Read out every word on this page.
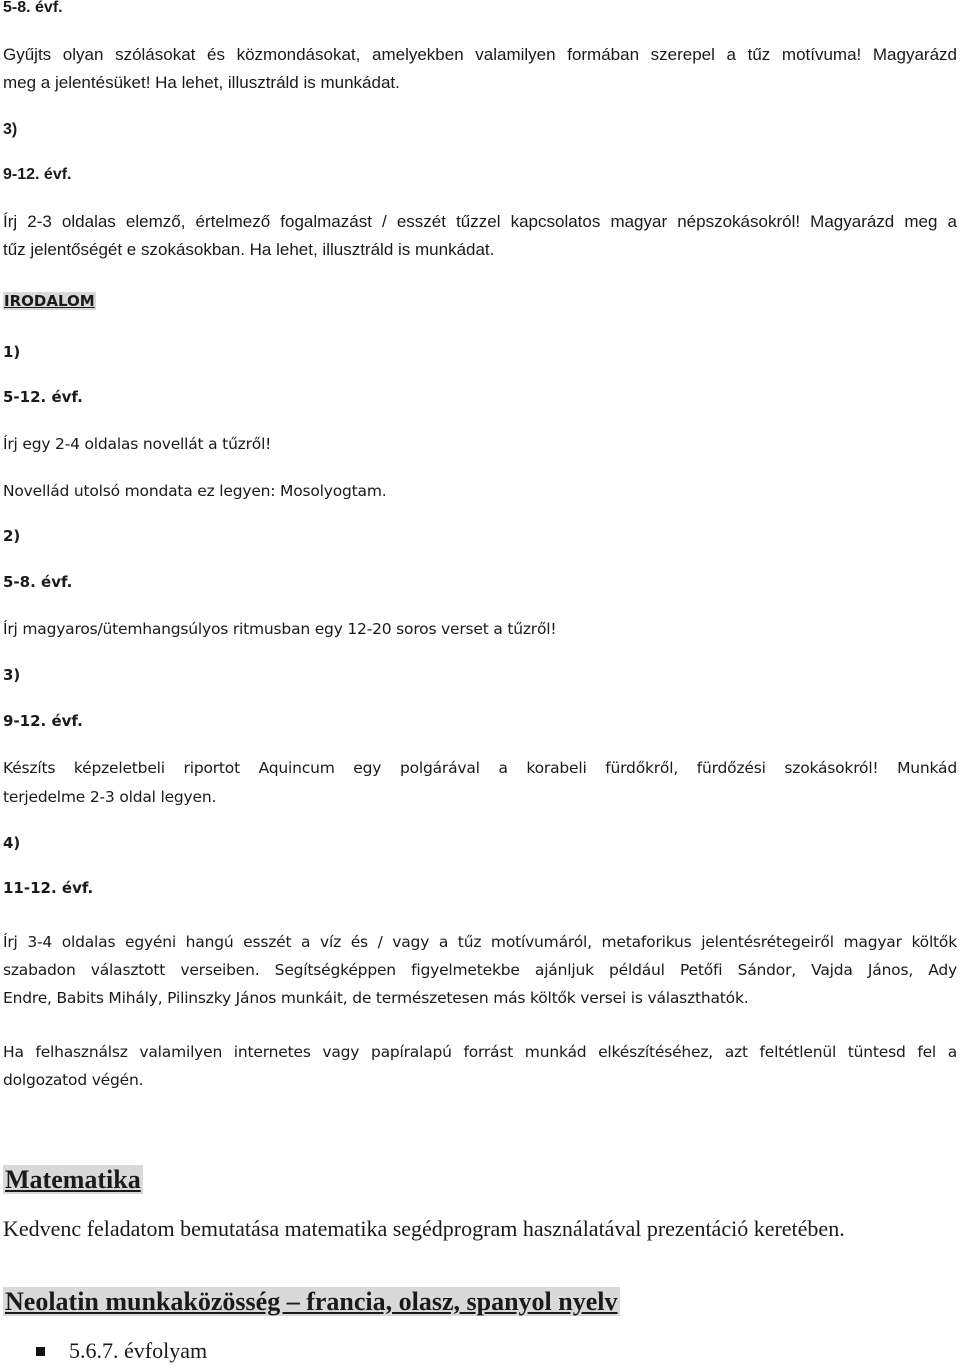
5-8. évf.

Gyűjts olyan szólásokat és közmondásokat, amelyekben valamilyen formában szerepel a tűz motívuma! Magyarázd

meg a jelentésüket! Ha lehet, illusztráld is munkádat.

3)

9-12. évf.

Írj 2-3 oldalas elemző, értelmező fogalmazást / esszét tűzzel kapcsolatos magyar népszokásokról! Magyarázd meg a

tűz jelentőségét e szokásokban. Ha lehet, illusztráld is munkádat.

IRODALOM

1)

5-12. évf.

Írj egy 2-4 oldalas novellát a tűzről!

Novellád utolsó mondata ez legyen: Mosolyogtam.

2)

5-8. évf.

Írj magyaros/ütemhangsúlyos ritmusban egy 12-20 soros verset a tűzről!

3)

9-12. évf.

Készíts képzeletbeli riportot Aquincum egy polgárával a korabeli fürdőkről, fürdőzési szokásokról! Munkád

terjedelme 2-3 oldal legyen.

4)

11-12. évf.

Írj 3-4 oldalas egyéni hangú esszét a víz és / vagy a tűz motívumáról, metaforikus jelentésrétegeiről magyar költők

szabadon választott verseiben. Segítségképpen figyelmetekbe ajánljuk például Petőfi Sándor, Vajda János, Ady

Endre, Babits Mihály, Pilinszky János munkáit, de természetesen más költők versei is választhatók.

Ha felhasználsz valamilyen internetes vagy papíralapú forrást munkád elkészítéséhez, azt feltétlenül tüntesd fel a

dolgozatod végén.

Matematika

Kedvenc feladatom bemutatása matematika segédprogram használatával prezentáció keretében.

Neolatin munkaközösség – francia, olasz, spanyol nyelv

5.6.7. évfolyam
